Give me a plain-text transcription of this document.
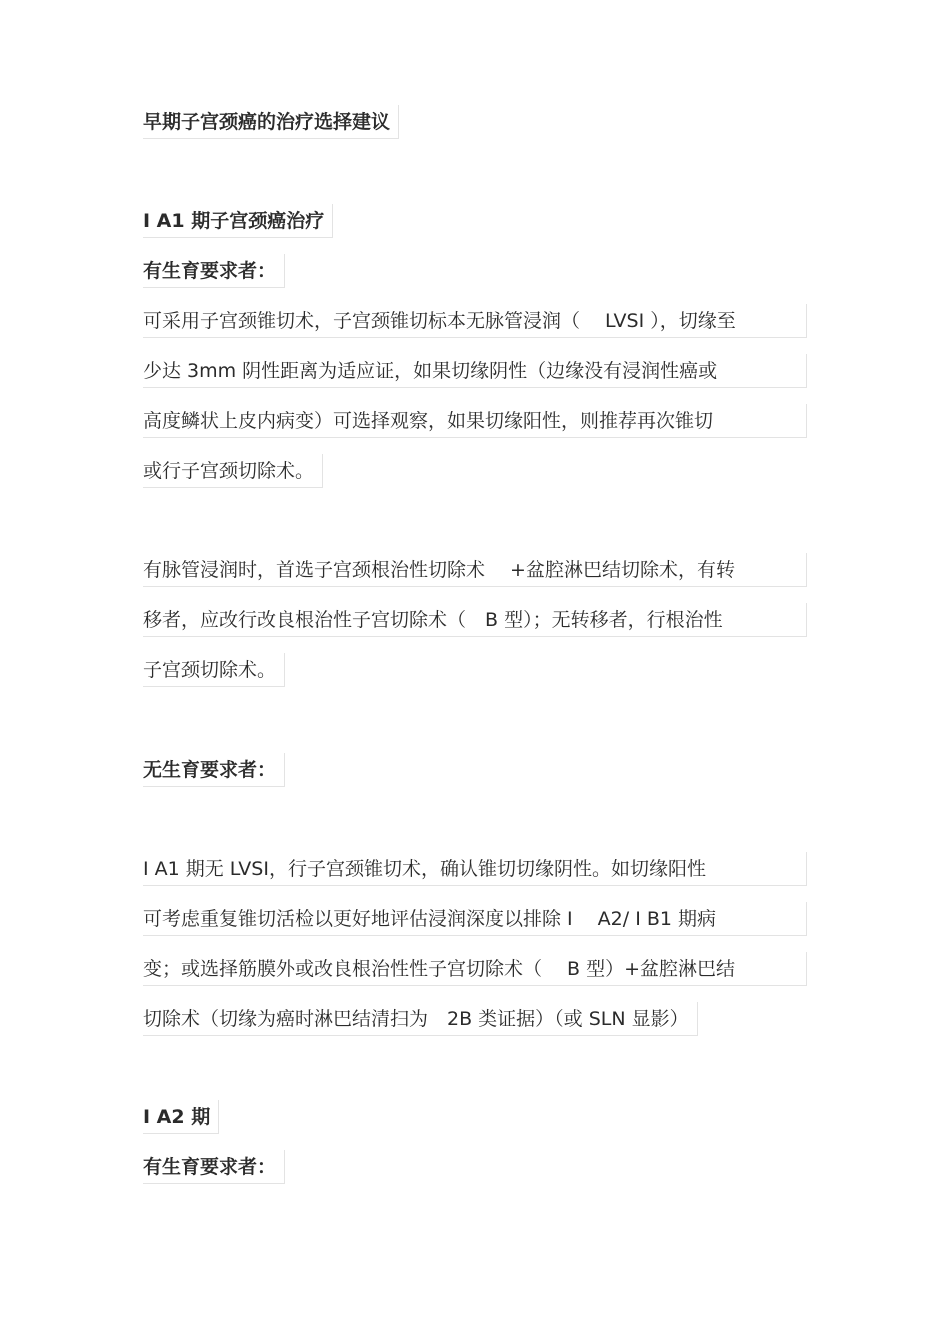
早期子宫颈癌的治疗选择建议
I A1 期子宫颈癌治疗
有生育要求者：
可采用子宫颈锥切术，子宫颈锥切标本无脉管浸润（　 LVSI ），切缘至
少达 3mm 阴性距离为适应证，如果切缘阴性（边缘没有浸润性癌或
高度鳞状上皮内病变）可选择观察，如果切缘阳性，则推荐再次锥切
或行子宫颈切除术。
有脉管浸润时，首选子宫颈根治性切除术　 +盆腔淋巴结切除术，有转
移者，应改行改良根治性子宫切除术（　B 型）；无转移者，行根治性
子宫颈切除术。
无生育要求者：
I A1 期无 LVSI，行子宫颈锥切术，确认锥切切缘阴性。如切缘阳性
可考虑重复锥切活检以更好地评估浸润深度以排除 I　 A2/ I B1 期病
变；或选择筋膜外或改良根治性性子宫切除术（　 B 型）+盆腔淋巴结
切除术（切缘为癌时淋巴结清扫为　2B 类证据）（或 SLN 显影）
I A2 期
有生育要求者：
